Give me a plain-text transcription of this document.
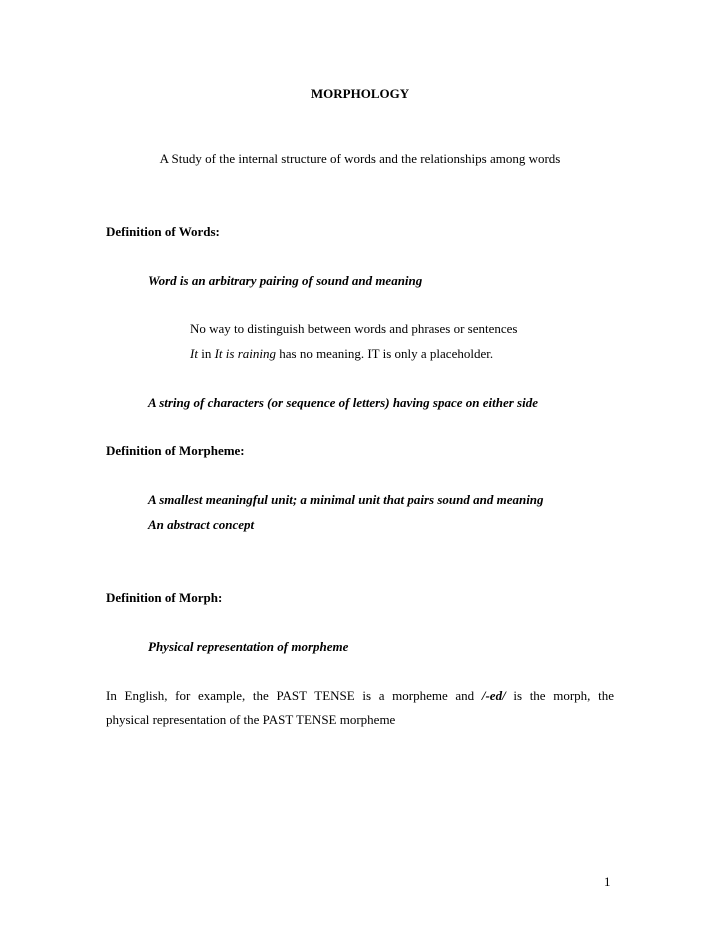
MORPHOLOGY
A Study of the internal structure of words and the relationships among words
Definition of Words:
Word is an arbitrary pairing of sound and meaning
No way to distinguish between words and phrases or sentences
It in It is raining has no meaning. IT is only a placeholder.
A string of characters (or sequence of letters) having space on either side
Definition of Morpheme:
A smallest meaningful unit; a minimal unit that pairs sound and meaning
An abstract concept
Definition of Morph:
Physical representation of morpheme
In English, for example, the PAST TENSE is a morpheme and /-ed/ is the morph, the
physical representation of the PAST TENSE morpheme
1
